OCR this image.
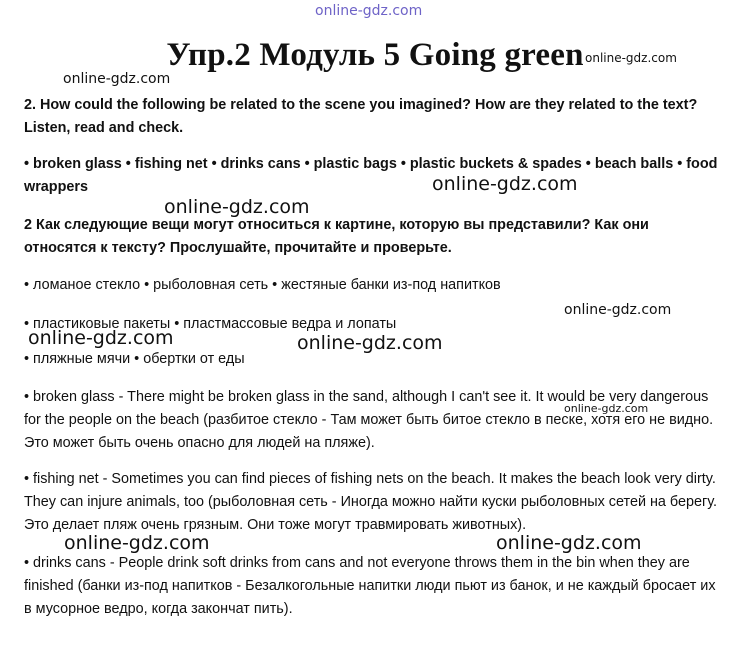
online-gdz.com
Упр.2 Модуль 5 Going green

2. How could the following be related to the scene you imagined? How are they related to the text? Listen, read and check.

• broken glass • fishing net • drinks cans • plastic bags • plastic buckets & spades • beach balls • food wrappers

2 Как следующие вещи могут относиться к картине, которую вы представили? Как они относятся к тексту? Прослушайте, прочитайте и проверьте.

• ломаное стекло • рыболовная сеть • жестяные банки из-под напитков

• пластиковые пакеты • пластмассовые ведра и лопаты

• пляжные мячи • обертки от еды

• broken glass - There might be broken glass in the sand, although I can't see it. It would be very dangerous for the people on the beach (разбитое стекло - Там может быть битое стекло в песке, хотя его не видно. Это может быть очень опасно для людей на пляже).

• fishing net - Sometimes you can find pieces of fishing nets on the beach. It makes the beach look very dirty. They can injure animals, too (рыболовная сеть - Иногда можно найти куски рыболовных сетей на берегу. Это делает пляж очень грязным. Они тоже могут травмировать животных).

• drinks cans - People drink soft drinks from cans and not everyone throws them in the bin when they are finished (банки из-под напитков - Безалкогольные напитки люди пьют из банок, и не каждый бросает их в мусорное ведро, когда закончат пить).

online-gdz.com
online-gdz.com
online-gdz.com
online-gdz.com
online-gdz.com
online-gdz.com	online-gdz.com
online-gdz.com
online-gdz.com	online-gdz.com
